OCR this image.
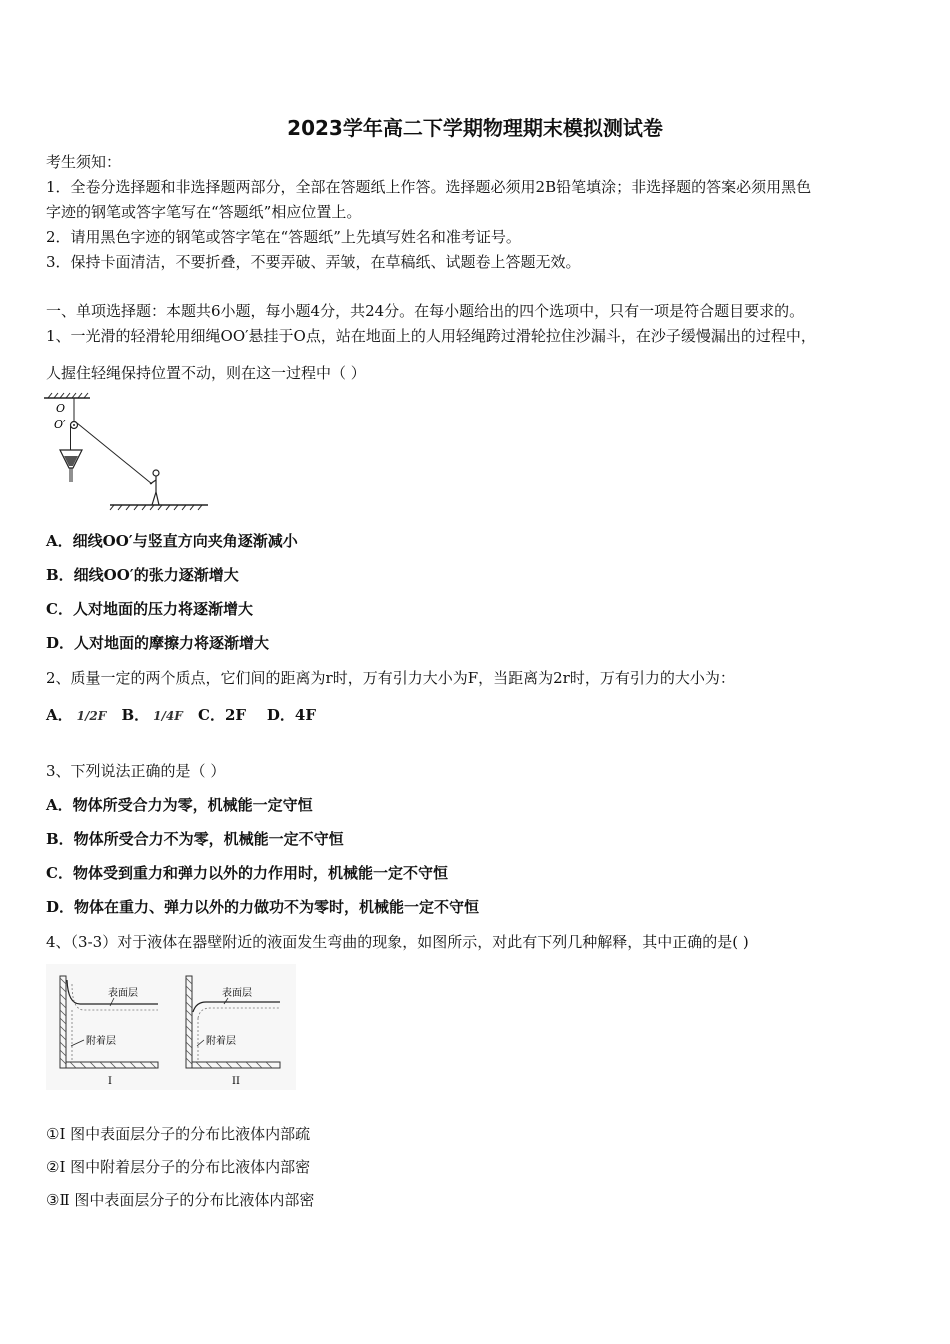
2023学年高二下学期物理期末模拟测试卷
考生须知：
1．全卷分选择题和非选择题两部分，全部在答题纸上作答。选择题必须用2B铅笔填涂；非选择题的答案必须用黑色
字迹的钢笔或答字笔写在“答题纸”相应位置上。
2．请用黑色字迹的钢笔或答字笔在“答题纸”上先填写姓名和准考证号。
3．保持卡面清洁，不要折叠，不要弄破、弄皱，在草稿纸、试题卷上答题无效。
一、单项选择题：本题共6小题，每小题4分，共24分。在每小题给出的四个选项中，只有一项是符合题目要求的。
1、一光滑的轻滑轮用细绳OO′悬挂于O点，站在地面上的人用轻绳跨过滑轮拉住沙漏斗，在沙子缓慢漏出的过程中，
人握住轻绳保持位置不动，则在这一过程中（ ）
O
O′
A．细线OO′与竖直方向夹角逐渐减小
B．细线OO′的张力逐渐增大
C．人对地面的压力将逐渐增大
D．人对地面的摩擦力将逐渐增大
2、质量一定的两个质点，它们间的距离为r时，万有引力大小为F，当距离为2r时，万有引力的大小为：
A． 1/2F B． 1/4F C．2F    D．4F
3、下列说法正确的是（ ）
A．物体所受合力为零，机械能一定守恒
B．物体所受合力不为零，机械能一定不守恒
C．物体受到重力和弹力以外的力作用时，机械能一定不守恒
D．物体在重力、弹力以外的力做功不为零时，机械能一定不守恒
4、（3-3）对于液体在器壁附近的液面发生弯曲的现象，如图所示，对此有下列几种解释，其中正确的是( )
表面层
附着层
I
表面层
附着层
II
①Ⅰ 图中表面层分子的分布比液体内部疏
②Ⅰ 图中附着层分子的分布比液体内部密
③Ⅱ 图中表面层分子的分布比液体内部密
